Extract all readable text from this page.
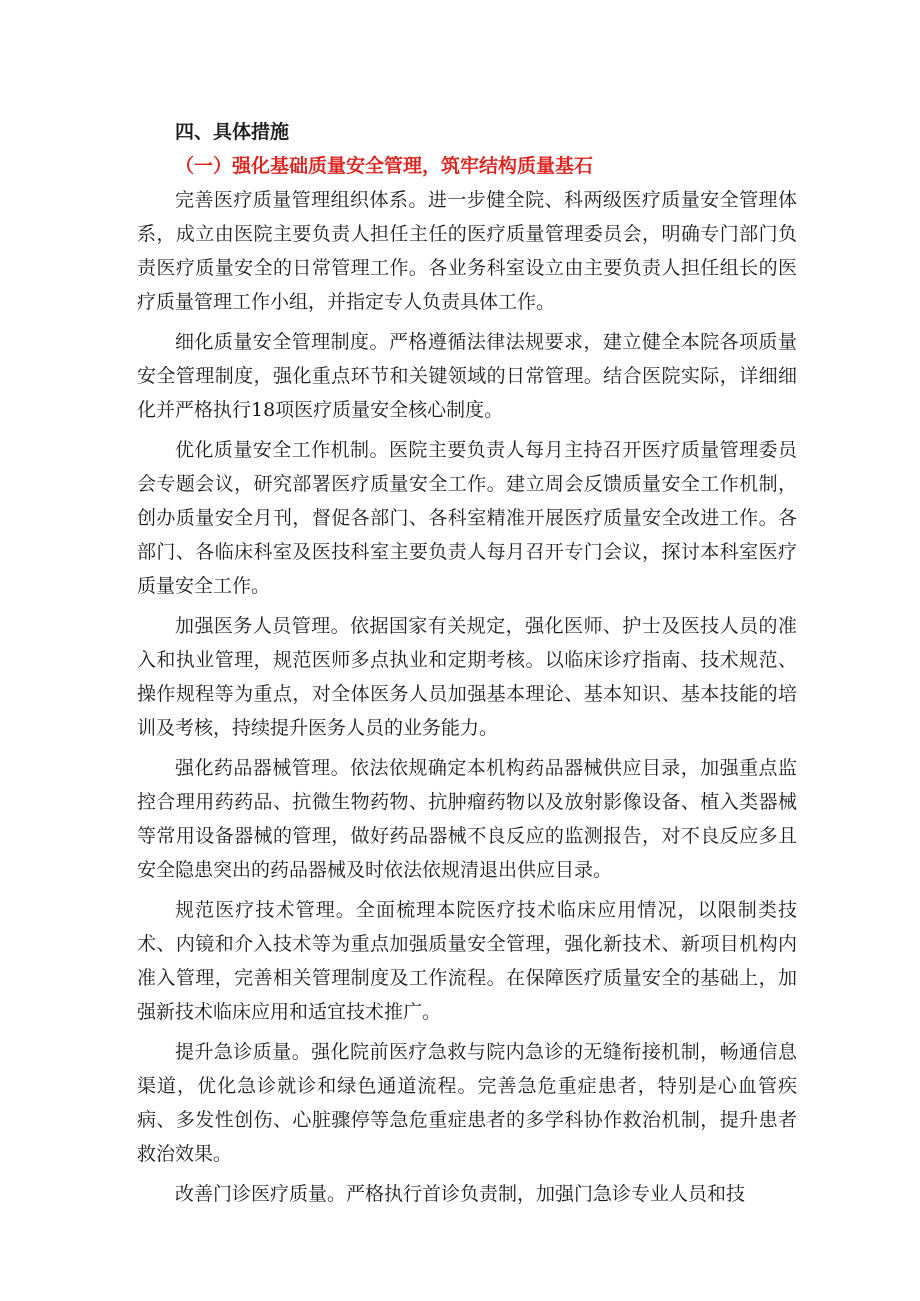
四、具体措施

（一）强化基础质量安全管理，筑牢结构质量基石

完善医疗质量管理组织体系。进一步健全院、科两级医疗质量安全管理体系，成立由医院主要负责人担任主任的医疗质量管理委员会，明确专门部门负责医疗质量安全的日常管理工作。各业务科室设立由主要负责人担任组长的医疗质量管理工作小组，并指定专人负责具体工作。

细化质量安全管理制度。严格遵循法律法规要求，建立健全本院各项质量安全管理制度，强化重点环节和关键领域的日常管理。结合医院实际，详细细化并严格执行18项医疗质量安全核心制度。

优化质量安全工作机制。医院主要负责人每月主持召开医疗质量管理委员会专题会议，研究部署医疗质量安全工作。建立周会反馈质量安全工作机制，创办质量安全月刊，督促各部门、各科室精准开展医疗质量安全改进工作。各部门、各临床科室及医技科室主要负责人每月召开专门会议，探讨本科室医疗质量安全工作。

加强医务人员管理。依据国家有关规定，强化医师、护士及医技人员的准入和执业管理，规范医师多点执业和定期考核。以临床诊疗指南、技术规范、操作规程等为重点，对全体医务人员加强基本理论、基本知识、基本技能的培训及考核，持续提升医务人员的业务能力。

强化药品器械管理。依法依规确定本机构药品器械供应目录，加强重点监控合理用药药品、抗微生物药物、抗肿瘤药物以及放射影像设备、植入类器械等常用设备器械的管理，做好药品器械不良反应的监测报告，对不良反应多且安全隐患突出的药品器械及时依法依规清退出供应目录。

规范医疗技术管理。全面梳理本院医疗技术临床应用情况，以限制类技术、内镜和介入技术等为重点加强质量安全管理，强化新技术、新项目机构内准入管理，完善相关管理制度及工作流程。在保障医疗质量安全的基础上，加强新技术临床应用和适宜技术推广。

提升急诊质量。强化院前医疗急救与院内急诊的无缝衔接机制，畅通信息渠道，优化急诊就诊和绿色通道流程。完善急危重症患者，特别是心血管疾病、多发性创伤、心脏骤停等急危重症患者的多学科协作救治机制，提升患者救治效果。

改善门诊医疗质量。严格执行首诊负责制，加强门急诊专业人员和技
